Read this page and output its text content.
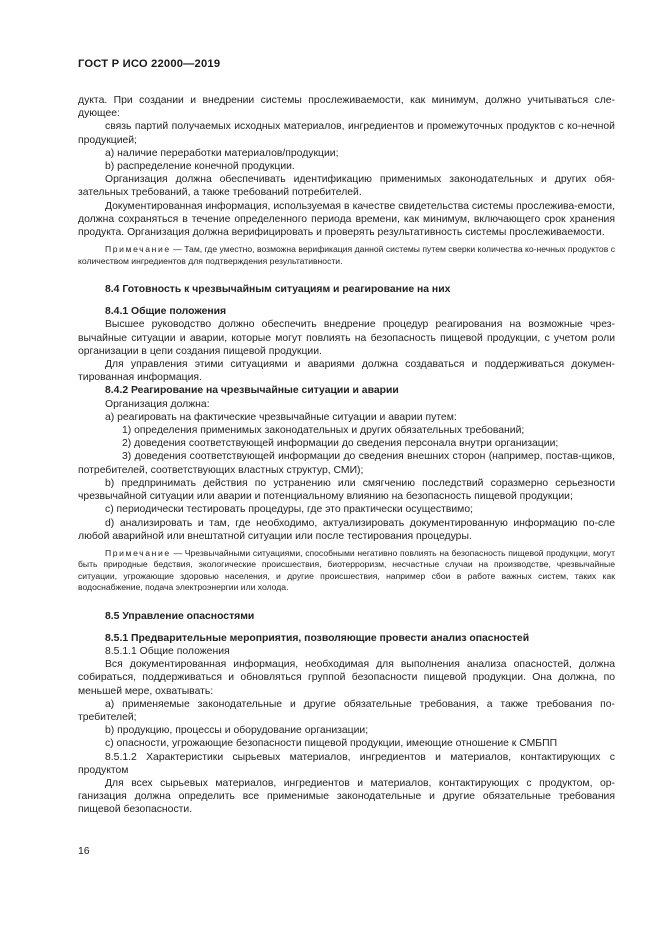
ГОСТ Р ИСО 22000—2019

дукта. При создании и внедрении системы прослеживаемости, как минимум, должно учитываться сле-дующее:

связь партий получаемых исходных материалов, ингредиентов и промежуточных продуктов с ко-нечной продукцией;

а) наличие переработки материалов/продукции;

b) распределение конечной продукции.

Организация должна обеспечивать идентификацию применимых законодательных и других обя-зательных требований, а также требований потребителей.

Документированная информация, используемая в качестве свидетельства системы прослежива-емости, должна сохраняться в течение определенного периода времени, как минимум, включающего срок хранения продукта. Организация должна верифицировать и проверять результативность системы прослеживаемости.

Примечание — Там, где уместно, возможна верификация данной системы путем сверки количества ко-нечных продуктов с количеством ингредиентов для подтверждения результативности.

8.4 Готовность к чрезвычайным ситуациям и реагирование на них

8.4.1 Общие положения

Высшее руководство должно обеспечить внедрение процедур реагирования на возможные чрез-вычайные ситуации и аварии, которые могут повлиять на безопасность пищевой продукции, с учетом роли организации в цепи создания пищевой продукции.

Для управления этими ситуациями и авариями должна создаваться и поддерживаться докумен-тированная информация.

8.4.2 Реагирование на чрезвычайные ситуации и аварии

Организация должна:

а) реагировать на фактические чрезвычайные ситуации и аварии путем:

1) определения применимых законодательных и других обязательных требований;

2) доведения соответствующей информации до сведения персонала внутри организации;

3) доведения соответствующей информации до сведения внешних сторон (например, постав-щиков, потребителей, соответствующих властных структур, СМИ);

b) предпринимать действия по устранению или смягчению последствий соразмерно серьезности чрезвычайной ситуации или аварии и потенциальному влиянию на безопасность пищевой продукции;

c) периодически тестировать процедуры, где это практически осуществимо;

d) анализировать и там, где необходимо, актуализировать документированную информацию по-сле любой аварийной или внештатной ситуации или после тестирования процедуры.

Примечание — Чрезвычайными ситуациями, способными негативно повлиять на безопасность пищевой продукции, могут быть природные бедствия, экологические происшествия, биотерроризм, несчастные случаи на производстве, чрезвычайные ситуации, угрожающие здоровью населения, и другие происшествия, например сбои в работе важных систем, таких как водоснабжение, подача электроэнергии или холода.

8.5 Управление опасностями

8.5.1 Предварительные мероприятия, позволяющие провести анализ опасностей

8.5.1.1 Общие положения

Вся документированная информация, необходимая для выполнения анализа опасностей, должна собираться, поддерживаться и обновляться группой безопасности пищевой продукции. Она должна, по меньшей мере, охватывать:

а) применяемые законодательные и другие обязательные требования, а также требования по-требителей;

b) продукцию, процессы и оборудование организации;

c) опасности, угрожающие безопасности пищевой продукции, имеющие отношение к СМБПП

8.5.1.2 Характеристики сырьевых материалов, ингредиентов и материалов, контактирующих с продуктом

Для всех сырьевых материалов, ингредиентов и материалов, контактирующих с продуктом, ор-ганизация должна определить все применимые законодательные и другие обязательные требования пищевой безопасности.

16
